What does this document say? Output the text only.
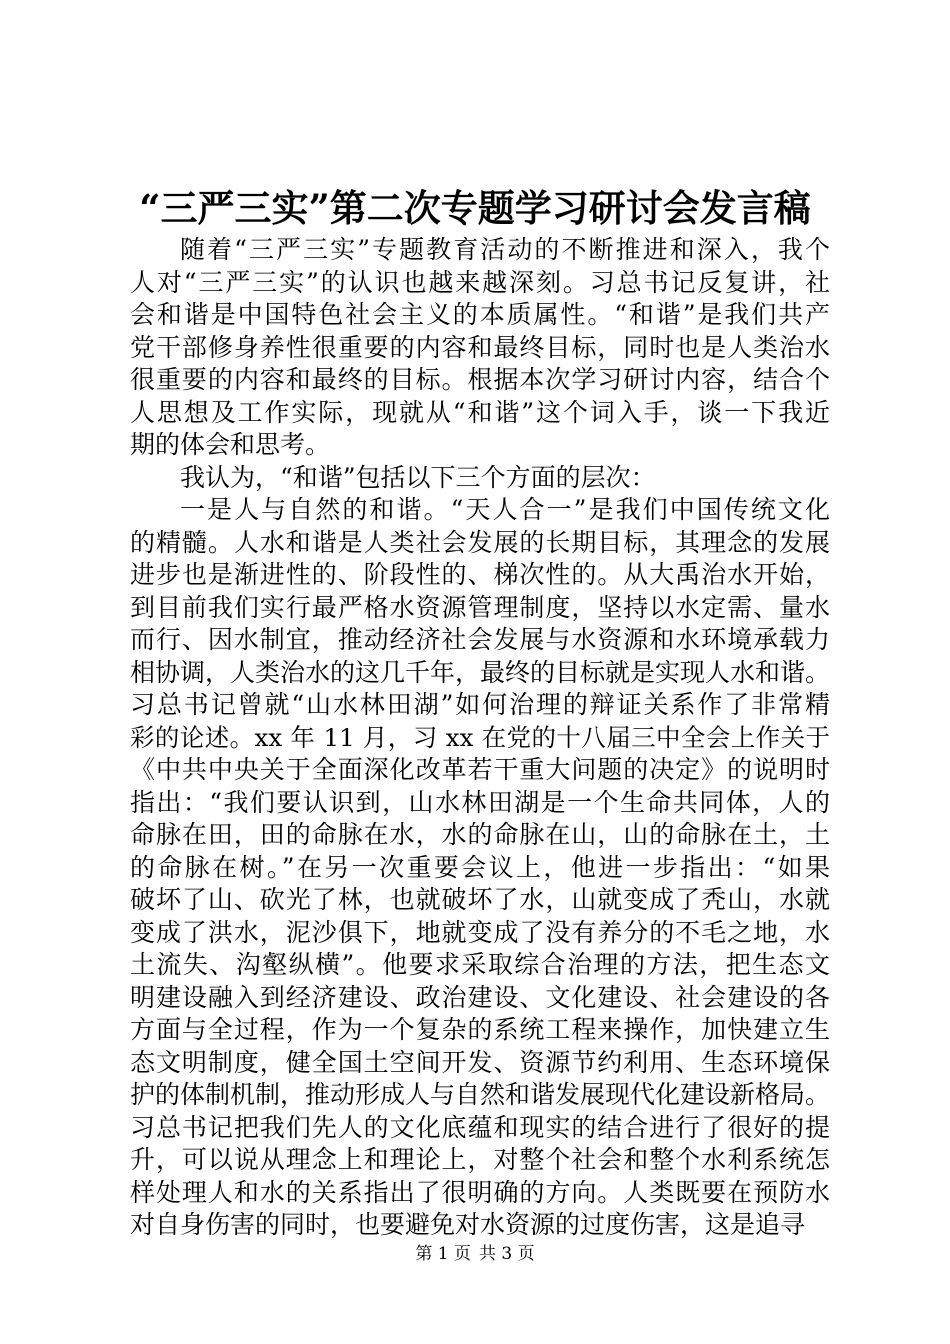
“三严三实”第二次专题学习研讨会发言稿
随着“三严三实”专题教育活动的不断推进和深入，我个
人对“三严三实”的认识也越来越深刻。习总书记反复讲，社
会和谐是中国特色社会主义的本质属性。“和谐”是我们共产
党干部修身养性很重要的内容和最终目标，同时也是人类治水
很重要的内容和最终的目标。根据本次学习研讨内容，结合个
人思想及工作实际，现就从“和谐”这个词入手，谈一下我近
期的体会和思考。
我认为，“和谐”包括以下三个方面的层次：
一是人与自然的和谐。“天人合一”是我们中国传统文化
的精髓。人水和谐是人类社会发展的长期目标，其理念的发展
进步也是渐进性的、阶段性的、梯次性的。从大禹治水开始，
到目前我们实行最严格水资源管理制度，坚持以水定需、量水
而行、因水制宜，推动经济社会发展与水资源和水环境承载力
相协调，人类治水的这几千年，最终的目标就是实现人水和谐。
习总书记曾就“山水林田湖”如何治理的辩证关系作了非常精
彩的论述。xx 年 11 月，习 xx 在党的十八届三中全会上作关于
《中共中央关于全面深化改革若干重大问题的决定》的说明时
指出：“我们要认识到，山水林田湖是一个生命共同体，人的
命脉在田，田的命脉在水，水的命脉在山，山的命脉在土，土
的命脉在树。”在另一次重要会议上，他进一步指出：“如果
破坏了山、砍光了林，也就破坏了水，山就变成了秃山，水就
变成了洪水，泥沙俱下，地就变成了没有养分的不毛之地，水
土流失、沟壑纵横”。他要求采取综合治理的方法，把生态文
明建设融入到经济建设、政治建设、文化建设、社会建设的各
方面与全过程，作为一个复杂的系统工程来操作，加快建立生
态文明制度，健全国土空间开发、资源节约利用、生态环境保
护的体制机制，推动形成人与自然和谐发展现代化建设新格局。
习总书记把我们先人的文化底蕴和现实的结合进行了很好的提
升，可以说从理念上和理论上，对整个社会和整个水利系统怎
样处理人和水的关系指出了很明确的方向。人类既要在预防水
对自身伤害的同时，也要避免对水资源的过度伤害，这是追寻
第 1 页 共 3 页
